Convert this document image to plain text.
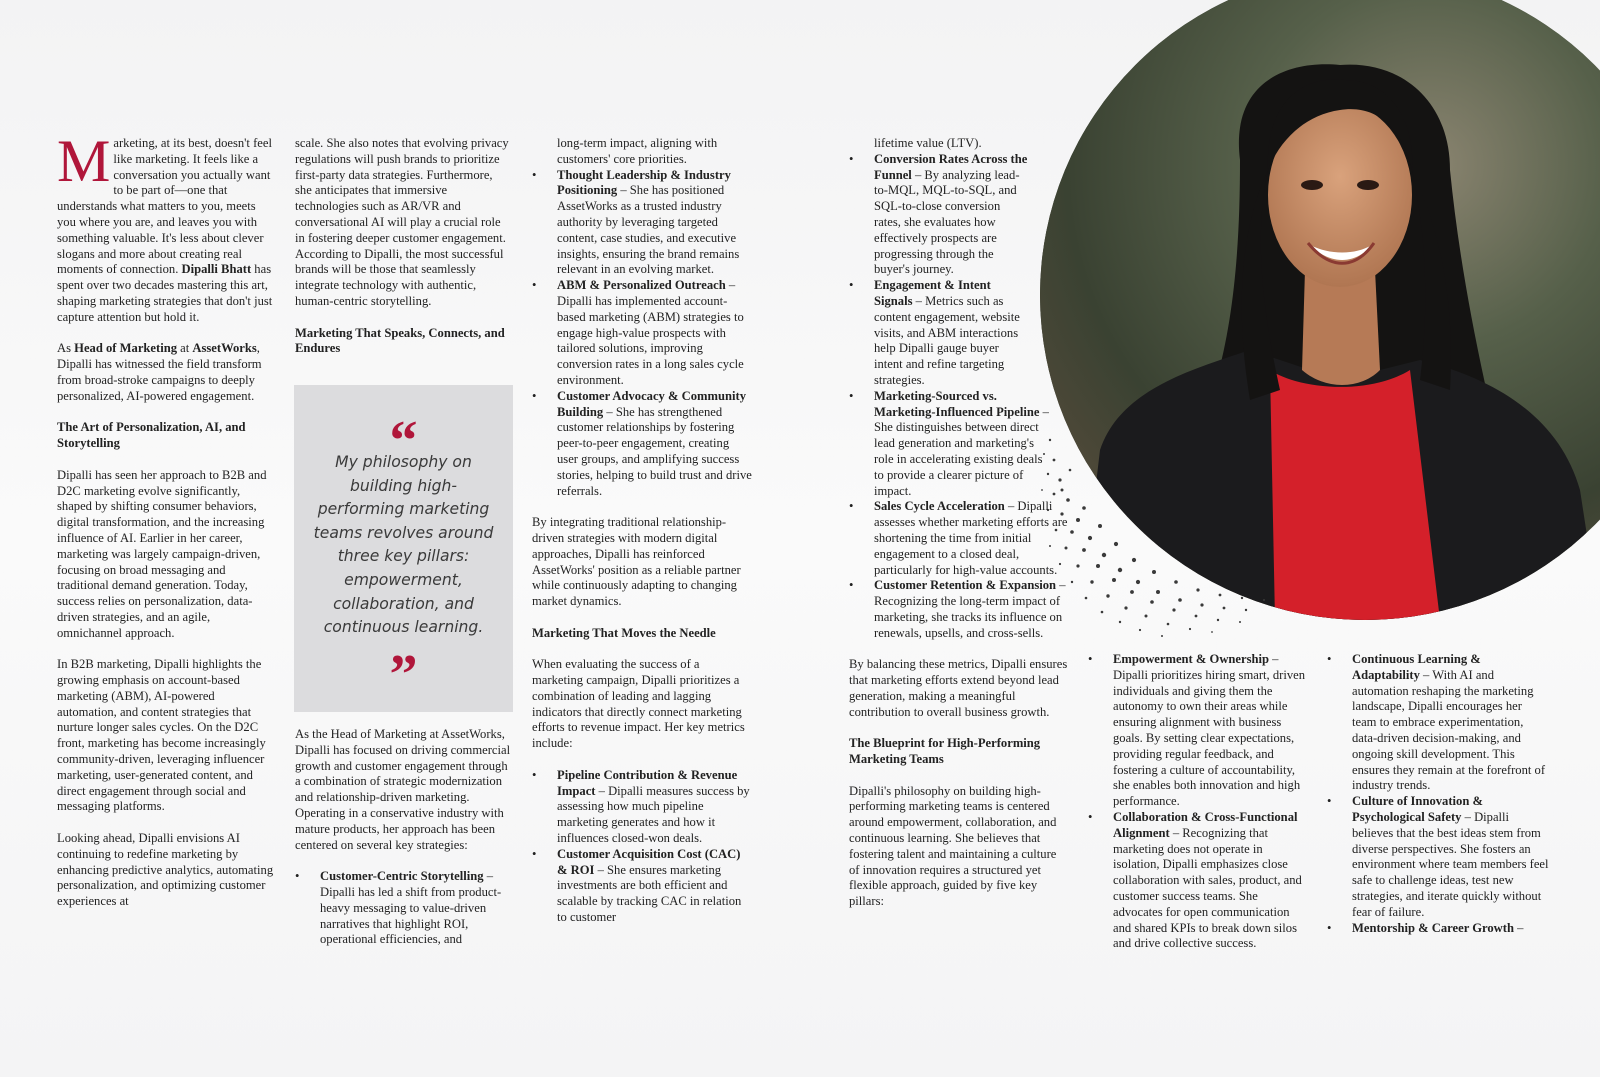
Marketing, at its best, doesn't feel like marketing. It feels like a conversation you actually want to be part of—one that understands what matters to you, meets you where you are, and leaves you with something valuable. It's less about clever slogans and more about creating real moments of connection. Dipalli Bhatt has spent over two decades mastering this art, shaping marketing strategies that don't just capture attention but hold it.

As Head of Marketing at AssetWorks, Dipalli has witnessed the field transform from broad-stroke campaigns to deeply personalized, AI-powered engagement.

The Art of Personalization, AI, and Storytelling

Dipalli has seen her approach to B2B and D2C marketing evolve significantly, shaped by shifting consumer behaviors, digital transformation, and the increasing influence of AI. Earlier in her career, marketing was largely campaign-driven, focusing on broad messaging and traditional demand generation. Today, success relies on personalization, data-driven strategies, and an agile, omnichannel approach.

In B2B marketing, Dipalli highlights the growing emphasis on account-based marketing (ABM), AI-powered automation, and content strategies that nurture longer sales cycles. On the D2C front, marketing has become increasingly community-driven, leveraging influencer marketing, user-generated content, and direct engagement through social and messaging platforms.

Looking ahead, Dipalli envisions AI continuing to redefine marketing by enhancing predictive analytics, automating personalization, and optimizing customer experiences at

scale. She also notes that evolving privacy regulations will push brands to prioritize first-party data strategies. Furthermore, she anticipates that immersive technologies such as AR/VR and conversational AI will play a crucial role in fostering deeper customer engagement. According to Dipalli, the most successful brands will be those that seamlessly integrate technology with authentic, human-centric storytelling.

Marketing That Speaks, Connects, and Endures

As the Head of Marketing at AssetWorks, Dipalli has focused on driving commercial growth and customer engagement through a combination of strategic modernization and relationship-driven marketing. Operating in a conservative industry with mature products, her approach has been centered on several key strategies:

• Customer-Centric Storytelling – Dipalli has led a shift from product-heavy messaging to value-driven narratives that highlight ROI, operational efficiencies, and
“
My philosophy on building high-performing marketing teams revolves around three key pillars: empowerment, collaboration, and continuous learning.
”
long-term impact, aligning with customers' core priorities.
• Thought Leadership & Industry Positioning – She has positioned AssetWorks as a trusted industry authority by leveraging targeted content, case studies, and executive insights, ensuring the brand remains relevant in an evolving market.
• ABM & Personalized Outreach – Dipalli has implemented account-based marketing (ABM) strategies to engage high-value prospects with tailored solutions, improving conversion rates in a long sales cycle environment.
• Customer Advocacy & Community Building – She has strengthened customer relationships by fostering peer-to-peer engagement, creating user groups, and amplifying success stories, helping to build trust and drive referrals.

By integrating traditional relationship-driven strategies with modern digital approaches, Dipalli has reinforced AssetWorks' position as a reliable partner while continuously adapting to changing market dynamics.

Marketing That Moves the Needle

When evaluating the success of a marketing campaign, Dipalli prioritizes a combination of leading and lagging indicators that directly connect marketing efforts to revenue impact. Her key metrics include:

• Pipeline Contribution & Revenue Impact – Dipalli measures success by assessing how much pipeline marketing generates and how it influences closed-won deals.
• Customer Acquisition Cost (CAC) & ROI – She ensures marketing investments are both efficient and scalable by tracking CAC in relation to customer
lifetime value (LTV).
• Conversion Rates Across the Funnel – By analyzing lead-to-MQL, MQL-to-SQL, and SQL-to-close conversion rates, she evaluates how effectively prospects are progressing through the buyer's journey.
• Engagement & Intent Signals – Metrics such as content engagement, website visits, and ABM interactions help Dipalli gauge buyer intent and refine targeting strategies.
• Marketing-Sourced vs. Marketing-Influenced Pipeline – She distinguishes between direct lead generation and marketing's role in accelerating existing deals to provide a clearer picture of impact.
• Sales Cycle Acceleration – Dipalli assesses whether marketing efforts are shortening the time from initial engagement to a closed deal, particularly for high-value accounts.
• Customer Retention & Expansion – Recognizing the long-term impact of marketing, she tracks its influence on renewals, upsells, and cross-sells.

By balancing these metrics, Dipalli ensures that marketing efforts extend beyond lead generation, making a meaningful contribution to overall business growth.

The Blueprint for High-Performing Marketing Teams

Dipalli's philosophy on building high-performing marketing teams is centered around empowerment, collaboration, and continuous learning. She believes that fostering talent and maintaining a culture of innovation requires a structured yet flexible approach, guided by five key pillars:

• Empowerment & Ownership – Dipalli prioritizes hiring smart, driven individuals and giving them the autonomy to own their areas while ensuring alignment with business goals. By setting clear expectations, providing regular feedback, and fostering a culture of accountability, she enables both innovation and high performance.
• Collaboration & Cross-Functional Alignment – Recognizing that marketing does not operate in isolation, Dipalli emphasizes close collaboration with sales, product, and customer success teams. She advocates for open communication and shared KPIs to break down silos and drive collective success.
• Continuous Learning & Adaptability – With AI and automation reshaping the marketing landscape, Dipalli encourages her team to embrace experimentation, data-driven decision-making, and ongoing skill development. This ensures they remain at the forefront of industry trends.
• Culture of Innovation & Psychological Safety – Dipalli believes that the best ideas stem from diverse perspectives. She fosters an environment where team members feel safe to challenge ideas, test new strategies, and iterate quickly without fear of failure.
• Mentorship & Career Growth –
